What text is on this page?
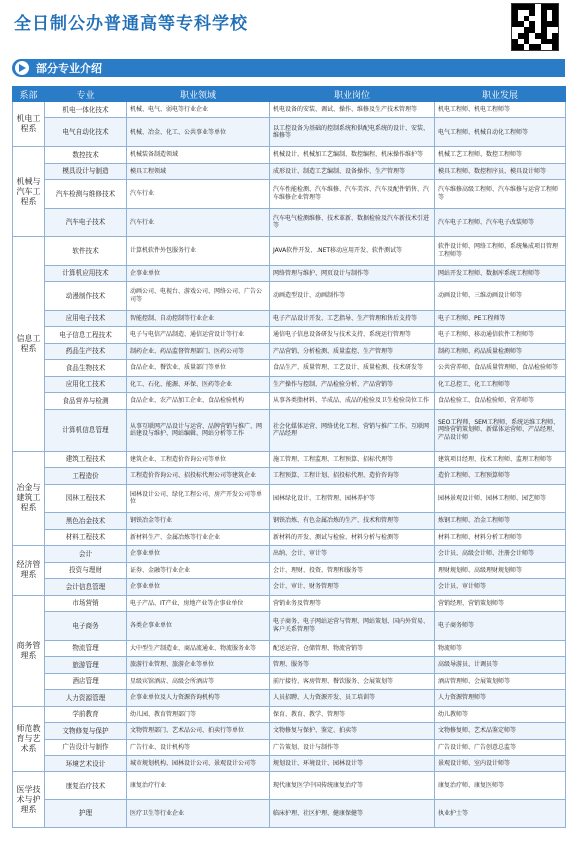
全日制公办普通高等专科学校
部分专业介绍
系部	专业	职业领域	职业岗位	职业发展
机电工程系	机电一体化技术	机械、电气、弱电等行业企业	机电设备的安装、调试、操作、维修及生产技术管理等	机电工程师、机电工程师等
	电气自动化技术	机械、冶金、化工、公共事业等单位	以工控设备为基础的控制系统和供配电系统的设计、安装、维修等	电气工程师、机械自动化工程师等
机械与汽车工程系	数控技术	机械装备制造领域	机械设计、机械加工艺编制、数控编程、机床操作维护等	机械工艺工程师、数控工程师等
	模具设计与制造	模具工程领域	成形设计、制造工艺编制、设备操作、生产管理等	模具工程师、数控程序员、模具设计师等
	汽车检测与维修技术	汽车行业	汽车性能检测、汽车维修、汽车美容、汽车及配件销售、汽车维修企业管理等	汽车维修高级工程师、汽车维修与运营工程师等
	汽车电子技术	汽车行业	汽车电气检测维修、技术革新、数据检验及汽车新技术引进等	汽车电子工程师、汽车电子改装师等
信息工程系	软件技术	计算机软件外包服务行业	JAVA软件开发、.NET移动应用开发、软件测试等	软件设计师、网络工程师、系统集成项目管理工程师等
	计算机应用技术	企事业单位	网络管理与维护、网页设计与制作等	网站开发工程师、数据库系统工程师等
	动漫制作技术	动画公司、电视台、游戏公司、网络公司、广告公司等	动画造型设计、动画制作等	动画设计师、三维动画设计师等
	应用电子技术	智能控制、自动控制等行业企业	电子产品设计开发、工艺指导、生产管理和售后支持等	电子工程师、PE工程师等
	电子信息工程技术	电子与电信产品制造、通信运营设计等行业	通信电子信息设备研发与技术支持、系统运行管理等	电子工程师、移动通信软件工程师等
	药品生产技术	制药企业、药品监督管理部门、医药公司等	产品营销、分析检测、质量监控、生产管理等	制药工程师、药品质量检测师等
	食品生物技术	食品企业、餐饮业、质量部门等单位	食品生产、质量管理、工艺设计、质量检测、技术研发等	公共营养师、食品质量管理师、食品检验师等
	应用化工技术	化工、石化、能源、环保、医药等企业	生产操作与控制、产品检验分析、产品营销等	化工总控工、化工工程师等
	食品营养与检测	食品企业、农产品加工企业、食品检验机构	从事各类脂材料、半成品、成品的检验及卫生检验岗位工作	食品检验工、食品检验师、营养师等
	计算机信息管理	从事互联网产品设计与运营、品牌营销与推广、网站建设与维护、网站编辑、网站分析等工作	社会化媒体运营、网络优化工程、营销与推广工作、互联网产品经理	SEO工程师、SEM工程师、系统运维工程师、网络营销策划师、新媒体运营师、产品经理、产品设计师
冶金与建筑工程系	建筑工程技术	建筑企业、工程造价咨询公司等单位	施工管理、工程监理、工程预算、招标代理等	建筑项目经理、技术工程师、监理工程师等
	工程造价	工程造价咨询公司、招投标代理公司等建筑企业	工程预算、工程计划、招投标代理、造价咨询等	造价工程师、工程预算师等
	园林工程技术	园林设计公司、绿化工程公司、房产开发公司等单位	园林绿化设计、工程管理、园林养护等	园林景观设计师、园林工程师、园艺师等
	黑色冶金技术	钢铁冶金等行业	钢铁冶炼、有色金属冶炼的生产、技术和管理等	炼钢工程师、冶金工程师等
	材料工程技术	新材料生产、金属冶炼等行业企业	新材料的开发、测试与检验、材料分析与检测等	材料工程师、材料分析工程师等
经济管理系	会计	企事业单位	出纳、会计、审计等	会计员、高级会计师、注册会计师等
	投资与理财	证券、金融等行业企业	会计、理财、投资、管理和服务等	理财规划师、高级理财规划师等
	会计信息管理	企事业单位	会计、审计、财务管理等	会计员、审计师等
商务管理系	市场营销	电子产品、IT产业、房地产业等企事业单位	营销业务及管理等	营销经理、营销策划师等
	电子商务	各类企事业单位	电子商务、电子网站运营与管理、网站策划、国内外贸易、客户关系管理等	电子商务师等
	物流管理	大中型生产制造业、商品流通业、物流服务业等	配送运营、仓储管理、物流营销等	物流师等
	旅游管理	旅游行业管理、旅游企业等单位	管理、服务等	高级导游员、计调员等
	酒店管理	星级宾馆酒店、高级会所酒店等	前厅接待、客房管理、餐饮服务、会展策划等	酒店管理师、会展策划师等
	人力资源管理	企事业单位及人力资源咨询机构等	人员招聘、人力资源开发、员工培训等	人力资源管理师等
师范教育与艺术系	学前教育	幼儿园、教育管理部门等	保育、教育、教学、管理等	幼儿教师等
	文物修复与保护	文物管理部门、艺术品公司、拍卖行等单位	文物修复与保护、鉴定、拍卖等	文物修复师、艺术品鉴定师等
	广告设计与制作	广告行业、设计机构等	广告策划、设计与制作等	广告设计师、广告创意总监等
	环境艺术设计	城市规划机构、园林设计公司、景观设计公司等	规划设计、环境设计、园林设计等	景观设计师、室内设计师等
医学技术与护理系	康复治疗技术	康复治疗行业	现代康复医学中国传统康复治疗等	康复治疗师、康复医师等
	护理	医疗卫生等行业企业	临床护理、社区护理、健康保健等	执业护士等
